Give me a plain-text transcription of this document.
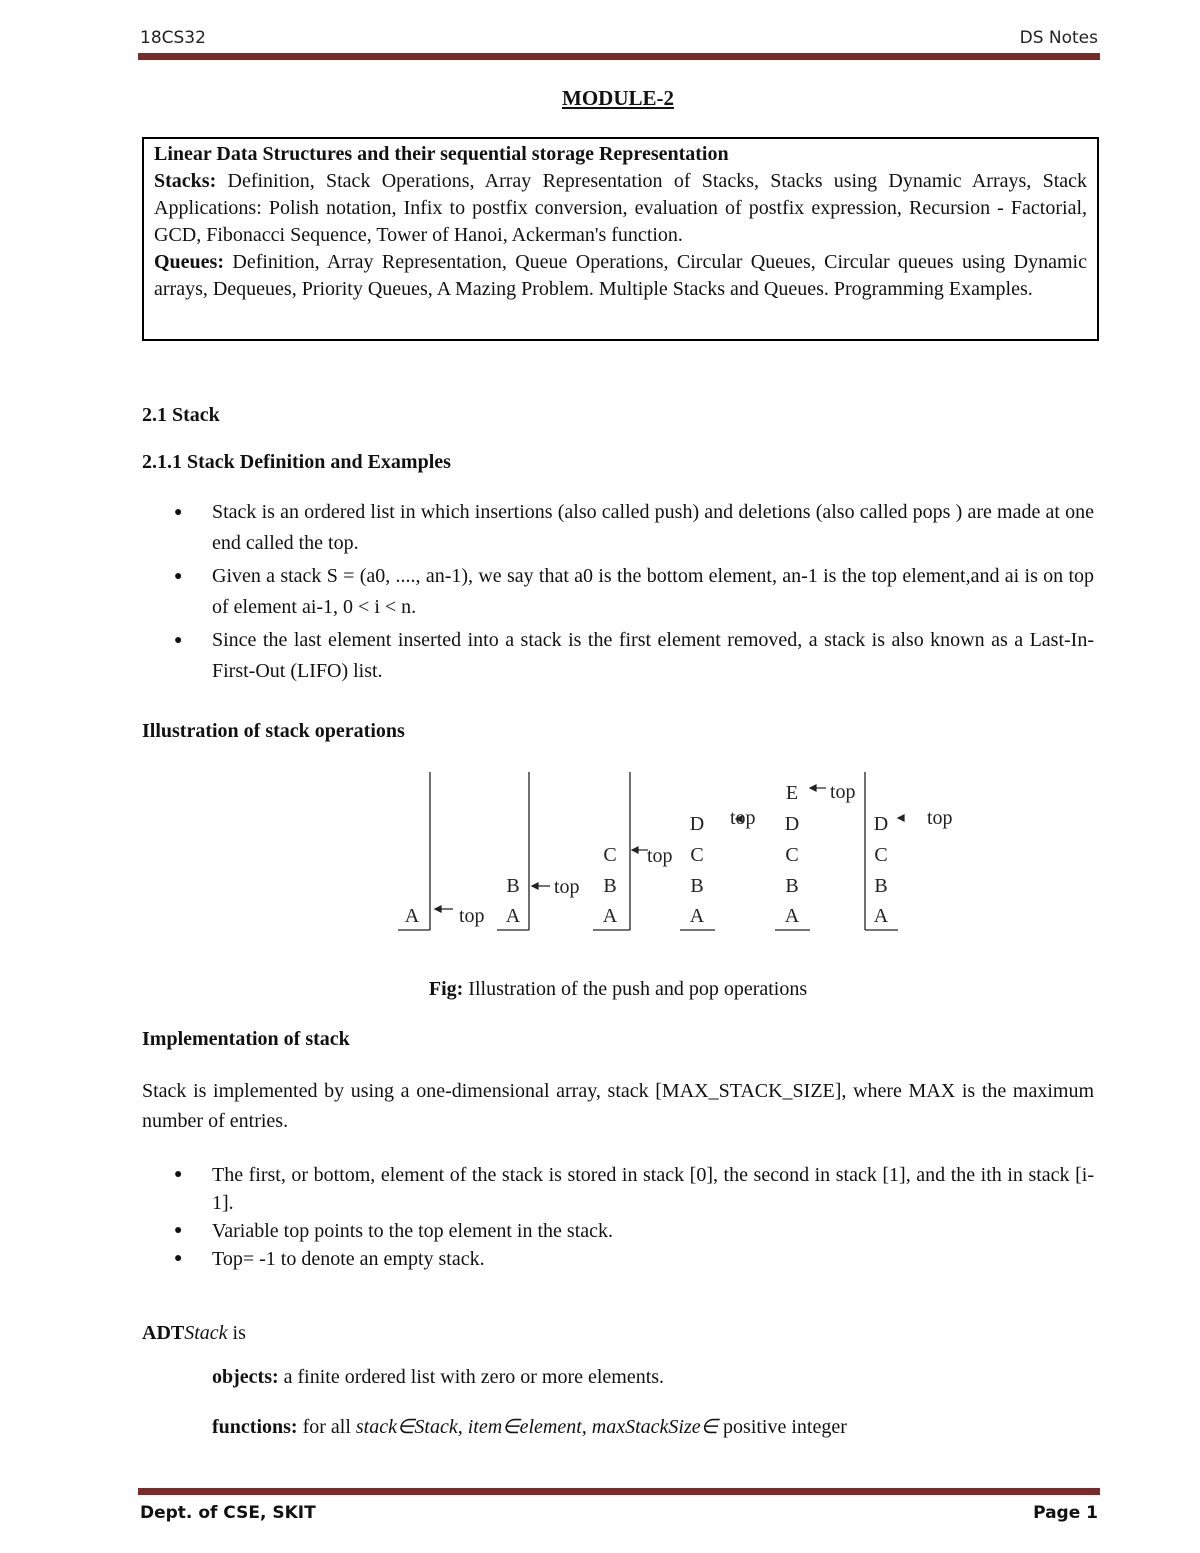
18CS32	DS Notes
MODULE-2

Linear Data Structures and their sequential storage Representation

Stacks: Definition, Stack Operations, Array Representation of Stacks, Stacks using Dynamic Arrays, Stack Applications: Polish notation, Infix to postfix conversion, evaluation of postfix expression, Recursion - Factorial, GCD, Fibonacci Sequence, Tower of Hanoi, Ackerman's function.

Queues: Definition, Array Representation, Queue Operations, Circular Queues, Circular queues using Dynamic arrays, Dequeues, Priority Queues, A Mazing Problem. Multiple Stacks and Queues. Programming Examples.

2.1 Stack
2.1.1 Stack Definition and Examples
● Stack is an ordered list in which insertions (also called push) and deletions (also called pops ) are made at one end called the top.
● Given a stack S = (a0, ...., an-1), we say that a0 is the bottom element, an-1 is the top element,and ai is on top of element ai-1, 0 < i < n.
● Since the last element inserted into a stack is the first element removed, a stack is also known as a Last-In-First-Out (LIFO) list.
Illustration of stack operations
A	A
B
A
B
C
A
B
C
D
A
B
C
D
E
A
B
C
D
top
top
top
top
top
top
Fig: Illustration of the push and pop operations
Implementation of stack
Stack is implemented by using a one-dimensional array, stack [MAX_STACK_SIZE], where MAX is the maximum number of entries.
● The first, or bottom, element of the stack is stored in stack [0], the second in stack [1], and the ith in stack [i-1].
● Variable top points to the top element in the stack.
● Top= -1 to denote an empty stack.
ADTStack is
objects: a finite ordered list with zero or more elements.
functions: for all stack∈Stack, item∈element, maxStackSize∈ positive integer
Dept. of CSE, SKIT	Page 1
